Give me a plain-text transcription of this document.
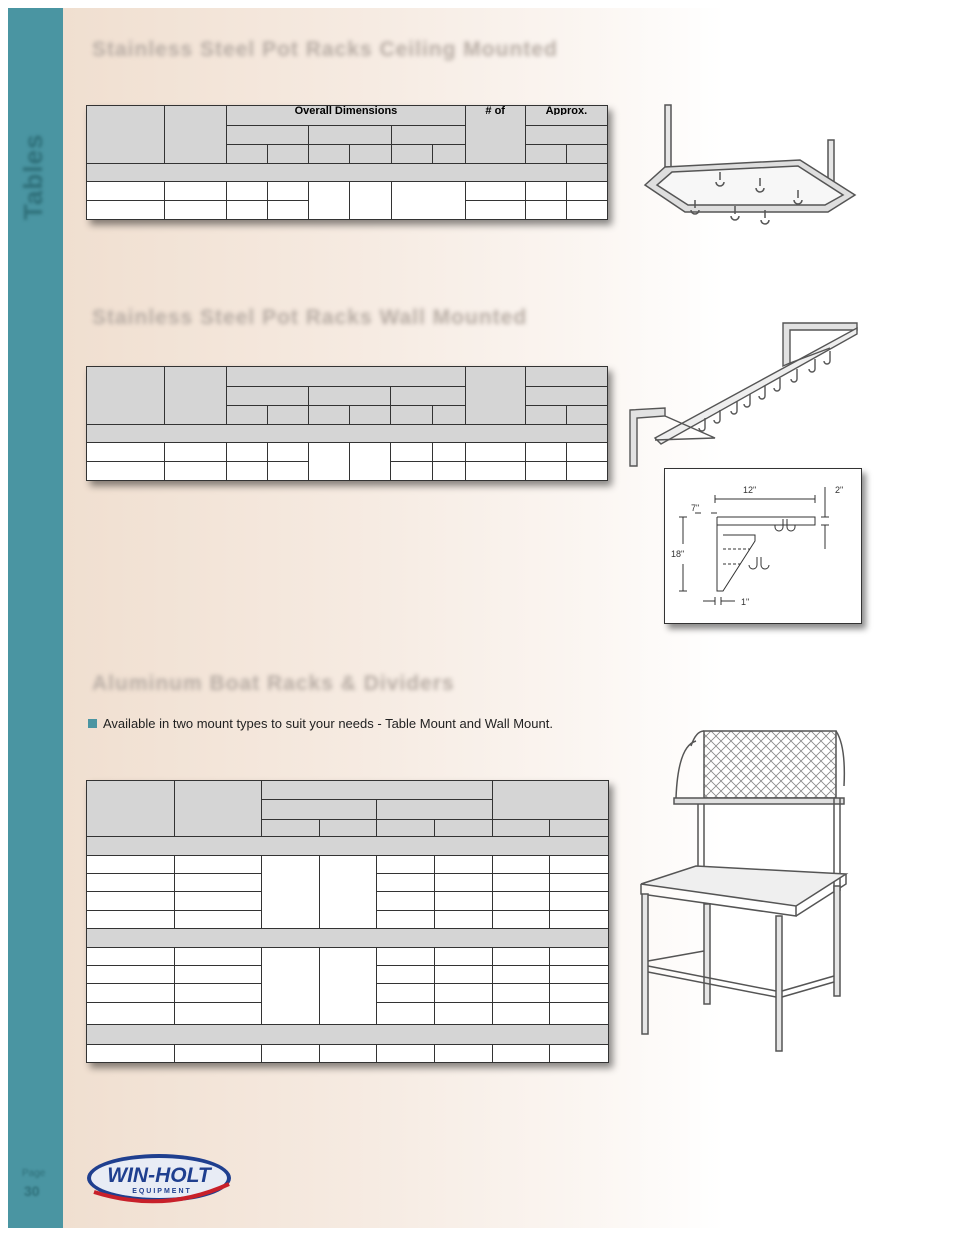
Tables
Page
30
Stainless Steel Pot Racks Ceiling Mounted

		Overall Dimensions						# of	Approx.	

Stainless Steel Pot Racks Wall Mounted

12"	2"
7"
18"
1"
Aluminum Boat Racks & Dividers
Available in two mount types to suit your needs - Table Mount and Wall Mount.

WIN-HOLT
EQUIPMENT
